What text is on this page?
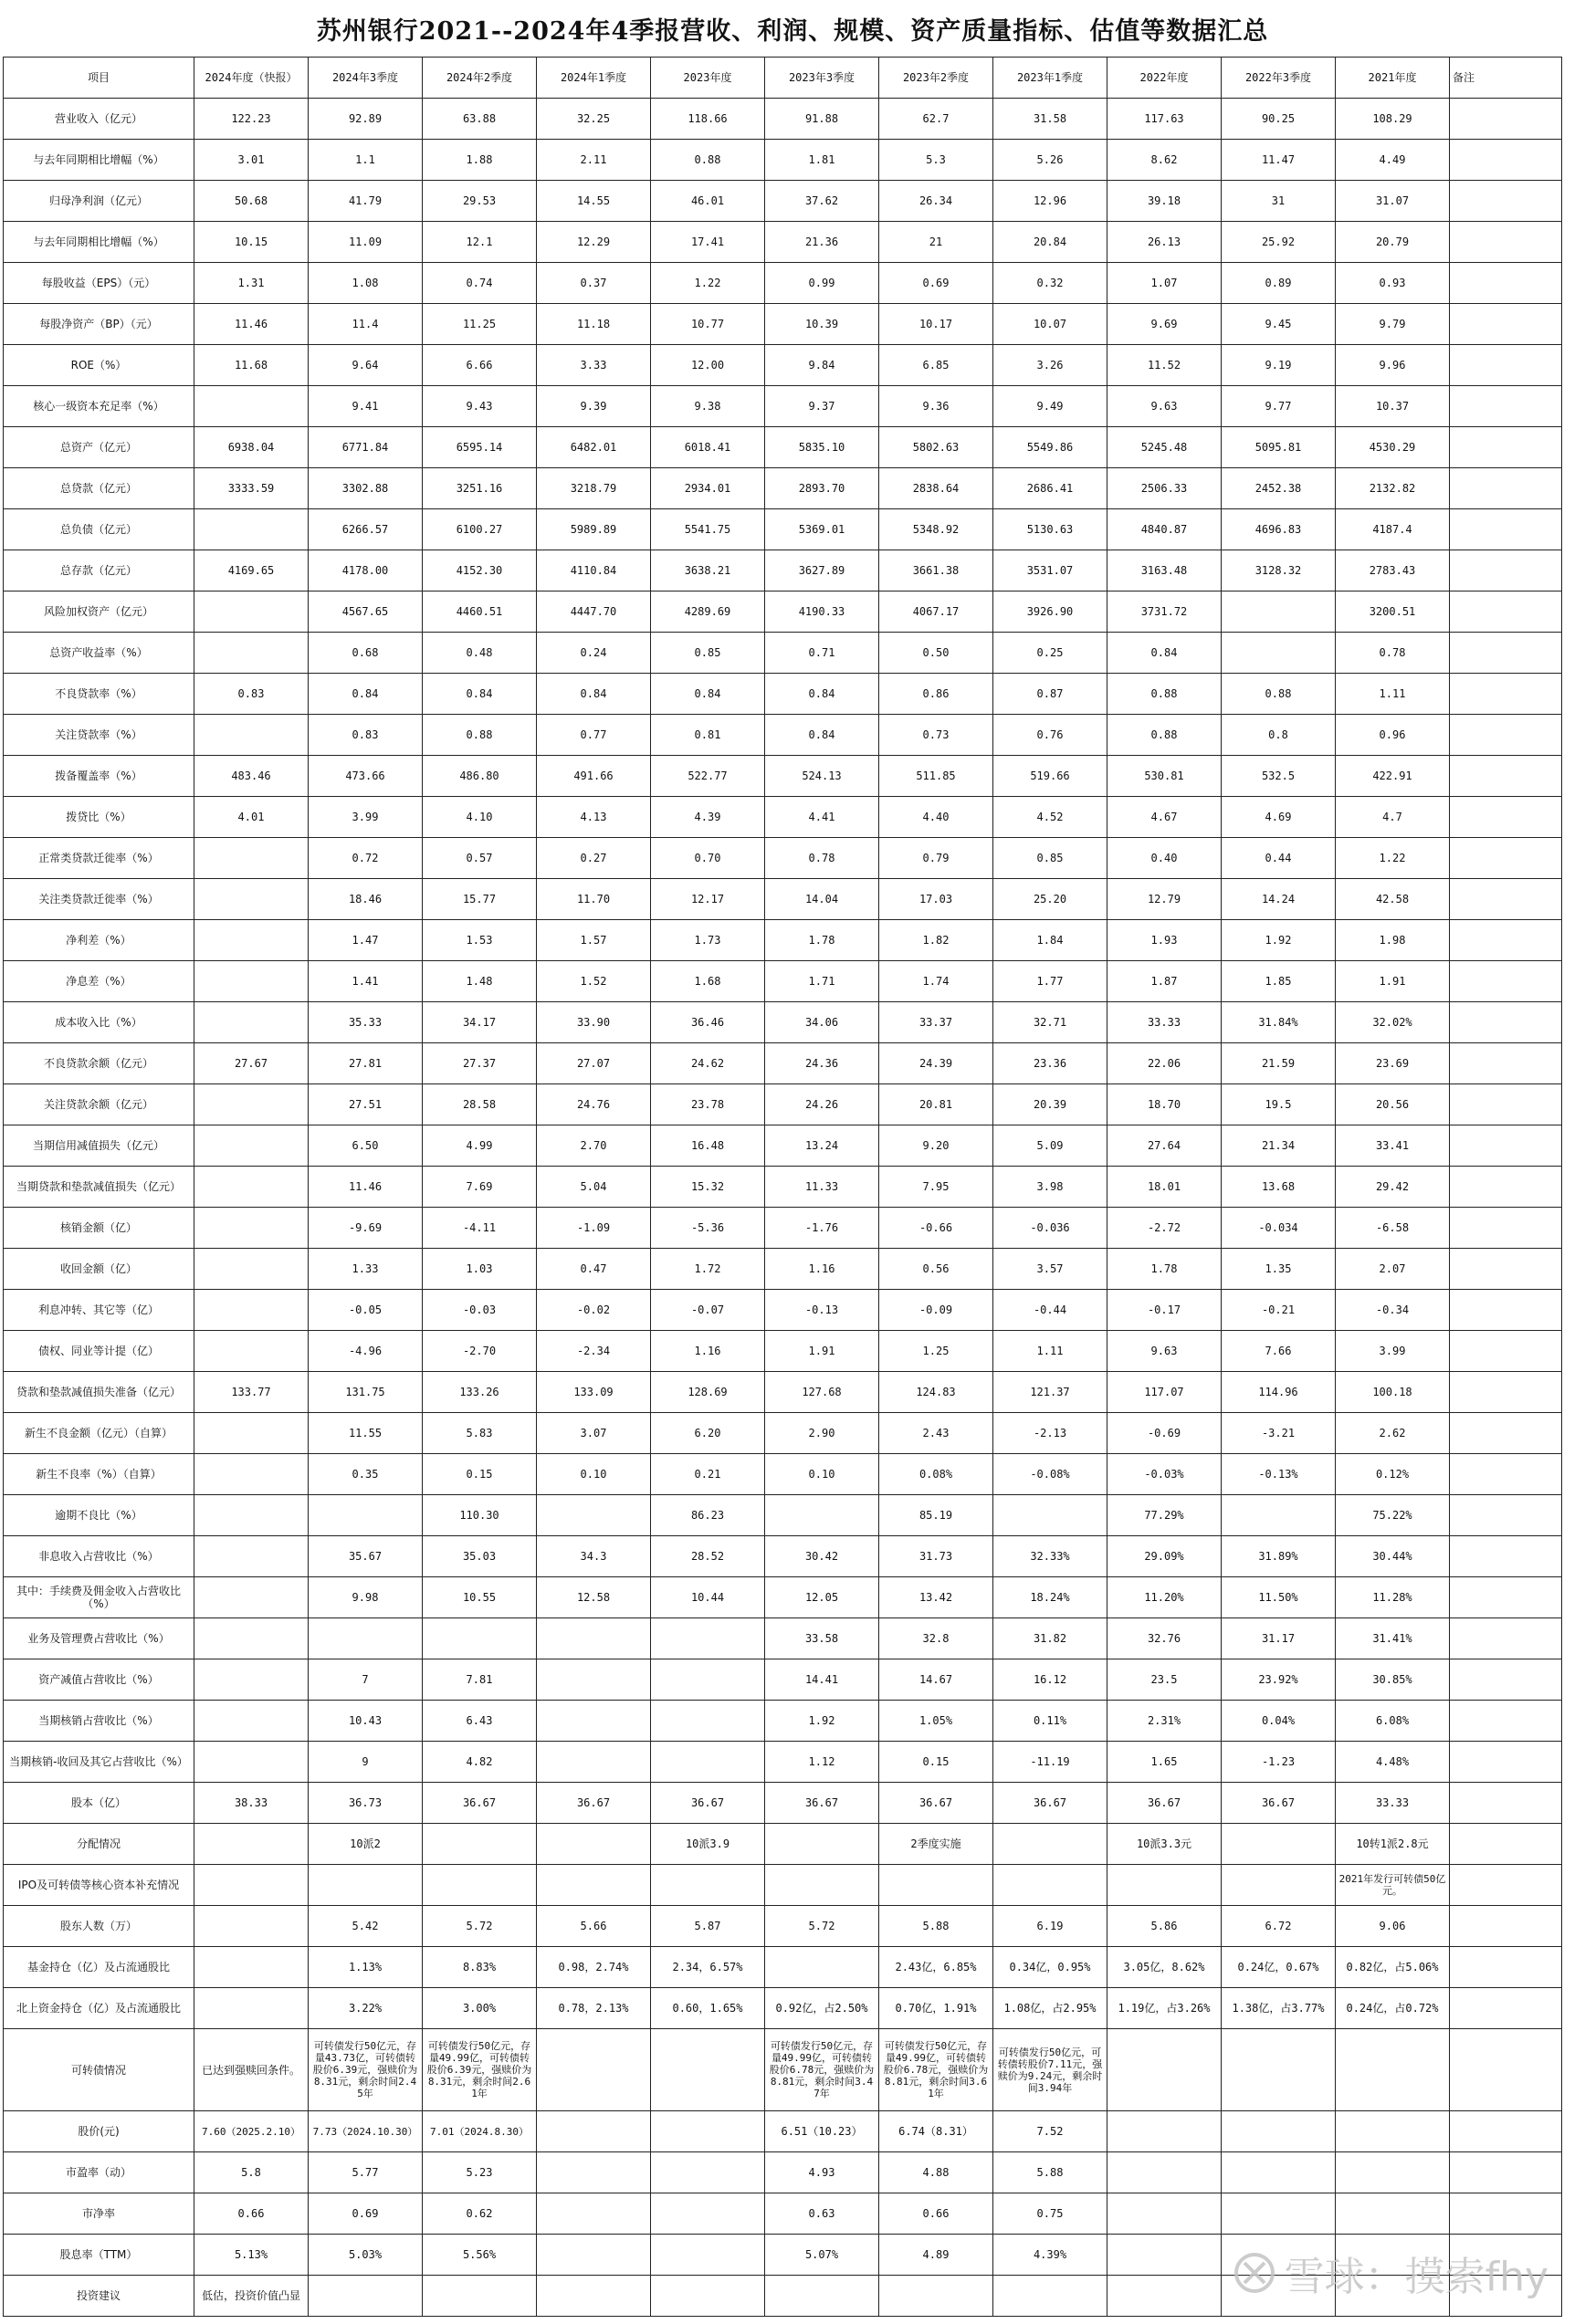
苏州银行2021--2024年4季报营收、利润、规模、资产质量指标、估值等数据汇总
项目	2024年度（快报）	2024年3季度	2024年2季度	2024年1季度	2023年度	2023年3季度	2023年2季度	2023年1季度	2022年度	2022年3季度	2021年度	备注
营业收入（亿元）	122.23	92.89	63.88	32.25	118.66	91.88	62.7	31.58	117.63	90.25	108.29	
与去年同期相比增幅（%）	3.01	1.1	1.88	2.11	0.88	1.81	5.3	5.26	8.62	11.47	4.49	
归母净利润（亿元）	50.68	41.79	29.53	14.55	46.01	37.62	26.34	12.96	39.18	31	31.07	
与去年同期相比增幅（%）	10.15	11.09	12.1	12.29	17.41	21.36	21	20.84	26.13	25.92	20.79	
每股收益（EPS）（元）	1.31	1.08	0.74	0.37	1.22	0.99	0.69	0.32	1.07	0.89	0.93	
每股净资产（BP）（元）	11.46	11.4	11.25	11.18	10.77	10.39	10.17	10.07	9.69	9.45	9.79	
ROE（%）	11.68	9.64	6.66	3.33	12.00	9.84	6.85	3.26	11.52	9.19	9.96	
核心一级资本充足率（%）		9.41	9.43	9.39	9.38	9.37	9.36	9.49	9.63	9.77	10.37	
总资产（亿元）	6938.04	6771.84	6595.14	6482.01	6018.41	5835.10	5802.63	5549.86	5245.48	5095.81	4530.29	
总贷款（亿元）	3333.59	3302.88	3251.16	3218.79	2934.01	2893.70	2838.64	2686.41	2506.33	2452.38	2132.82	
总负债（亿元）		6266.57	6100.27	5989.89	5541.75	5369.01	5348.92	5130.63	4840.87	4696.83	4187.4	
总存款（亿元）	4169.65	4178.00	4152.30	4110.84	3638.21	3627.89	3661.38	3531.07	3163.48	3128.32	2783.43	
风险加权资产（亿元）		4567.65	4460.51	4447.70	4289.69	4190.33	4067.17	3926.90	3731.72		3200.51	
总资产收益率（%）		0.68	0.48	0.24	0.85	0.71	0.50	0.25	0.84		0.78	
不良贷款率（%）	0.83	0.84	0.84	0.84	0.84	0.84	0.86	0.87	0.88	0.88	1.11	
关注贷款率（%）		0.83	0.88	0.77	0.81	0.84	0.73	0.76	0.88	0.8	0.96	
拨备覆盖率（%）	483.46	473.66	486.80	491.66	522.77	524.13	511.85	519.66	530.81	532.5	422.91	
拨贷比（%）	4.01	3.99	4.10	4.13	4.39	4.41	4.40	4.52	4.67	4.69	4.7	
正常类贷款迁徙率（%）		0.72	0.57	0.27	0.70	0.78	0.79	0.85	0.40	0.44	1.22	
关注类贷款迁徙率（%）		18.46	15.77	11.70	12.17	14.04	17.03	25.20	12.79	14.24	42.58	
净利差（%）		1.47	1.53	1.57	1.73	1.78	1.82	1.84	1.93	1.92	1.98	
净息差（%）		1.41	1.48	1.52	1.68	1.71	1.74	1.77	1.87	1.85	1.91	
成本收入比（%）		35.33	34.17	33.90	36.46	34.06	33.37	32.71	33.33	31.84%	32.02%	
不良贷款余额（亿元）	27.67	27.81	27.37	27.07	24.62	24.36	24.39	23.36	22.06	21.59	23.69	
关注贷款余额（亿元）		27.51	28.58	24.76	23.78	24.26	20.81	20.39	18.70	19.5	20.56	
当期信用减值损失（亿元）		6.50	4.99	2.70	16.48	13.24	9.20	5.09	27.64	21.34	33.41	
当期贷款和垫款减值损失（亿元）		11.46	7.69	5.04	15.32	11.33	7.95	3.98	18.01	13.68	29.42	
核销金额（亿）		-9.69	-4.11	-1.09	-5.36	-1.76	-0.66	-0.036	-2.72	-0.034	-6.58	
收回金额（亿）		1.33	1.03	0.47	1.72	1.16	0.56	3.57	1.78	1.35	2.07	
利息冲转、其它等（亿）		-0.05	-0.03	-0.02	-0.07	-0.13	-0.09	-0.44	-0.17	-0.21	-0.34	
债权、同业等计提（亿）		-4.96	-2.70	-2.34	1.16	1.91	1.25	1.11	9.63	7.66	3.99	
贷款和垫款减值损失准备（亿元）	133.77	131.75	133.26	133.09	128.69	127.68	124.83	121.37	117.07	114.96	100.18	
新生不良金额（亿元）（自算）		11.55	5.83	3.07	6.20	2.90	2.43	-2.13	-0.69	-3.21	2.62	
新生不良率（%）（自算）		0.35	0.15	0.10	0.21	0.10	0.08%	-0.08%	-0.03%	-0.13%	0.12%	
逾期不良比（%）			110.30		86.23		85.19		77.29%		75.22%	
非息收入占营收比（%）		35.67	35.03	34.3	28.52	30.42	31.73	32.33%	29.09%	31.89%	30.44%	
其中：手续费及佣金收入占营收比（%）		9.98	10.55	12.58	10.44	12.05	13.42	18.24%	11.20%	11.50%	11.28%	
业务及管理费占营收比（%）						33.58	32.8	31.82	32.76	31.17	31.41%	
资产减值占营收比（%）		7	7.81			14.41	14.67	16.12	23.5	23.92%	30.85%	
当期核销占营收比（%）		10.43	6.43			1.92	1.05%	0.11%	2.31%	0.04%	6.08%	
当期核销-收回及其它占营收比（%）		9	4.82			1.12	0.15	-11.19	1.65	-1.23	4.48%	
股本（亿）	38.33	36.73	36.67	36.67	36.67	36.67	36.67	36.67	36.67	36.67	33.33	
分配情况		10派2			10派3.9		2季度实施		10派3.3元		10转1派2.8元	
IPO及可转债等核心资本补充情况											2021年发行可转债50亿元。	
股东人数（万）		5.42	5.72	5.66	5.87	5.72	5.88	6.19	5.86	6.72	9.06	
基金持仓（亿）及占流通股比		1.13%	8.83%	0.98，2.74%	2.34，6.57%		2.43亿，6.85%	0.34亿，0.95%	3.05亿，8.62%	0.24亿，0.67%	0.82亿，占5.06%	
北上资金持仓（亿）及占流通股比		3.22%	3.00%	0.78，2.13%	0.60，1.65%	0.92亿，占2.50%	0.70亿，1.91%	1.08亿，占2.95%	1.19亿，占3.26%	1.38亿，占3.77%	0.24亿，占0.72%	
可转债情况	已达到强赎回条件。	可转债发行50亿元，存量43.73亿，可转债转股价6.39元，强赎价为8.31元，剩余时间2.45年	可转债发行50亿元，存量49.99亿，可转债转股价6.39元，强赎价为8.31元，剩余时间2.61年			可转债发行50亿元，存量49.99亿，可转债转股价6.78元，强赎价为8.81元，剩余时间3.47年	可转债发行50亿元，存量49.99亿，可转债转股价6.78元，强赎价为8.81元，剩余时间3.61年	可转债发行50亿元，可转债转股价7.11元，强赎价为9.24元，剩余时间3.94年				
股价(元)	7.60（2025.2.10）	7.73（2024.10.30）	7.01（2024.8.30）			6.51（10.23）	6.74（8.31）	7.52				
市盈率（动）	5.8	5.77	5.23			4.93	4.88	5.88				
市净率	0.66	0.69	0.62			0.63	0.66	0.75				
股息率（TTM）	5.13%	5.03%	5.56%			5.07%	4.89	4.39%				
投资建议	低估，投资价值凸显												雪球 ： 摸索fhy
